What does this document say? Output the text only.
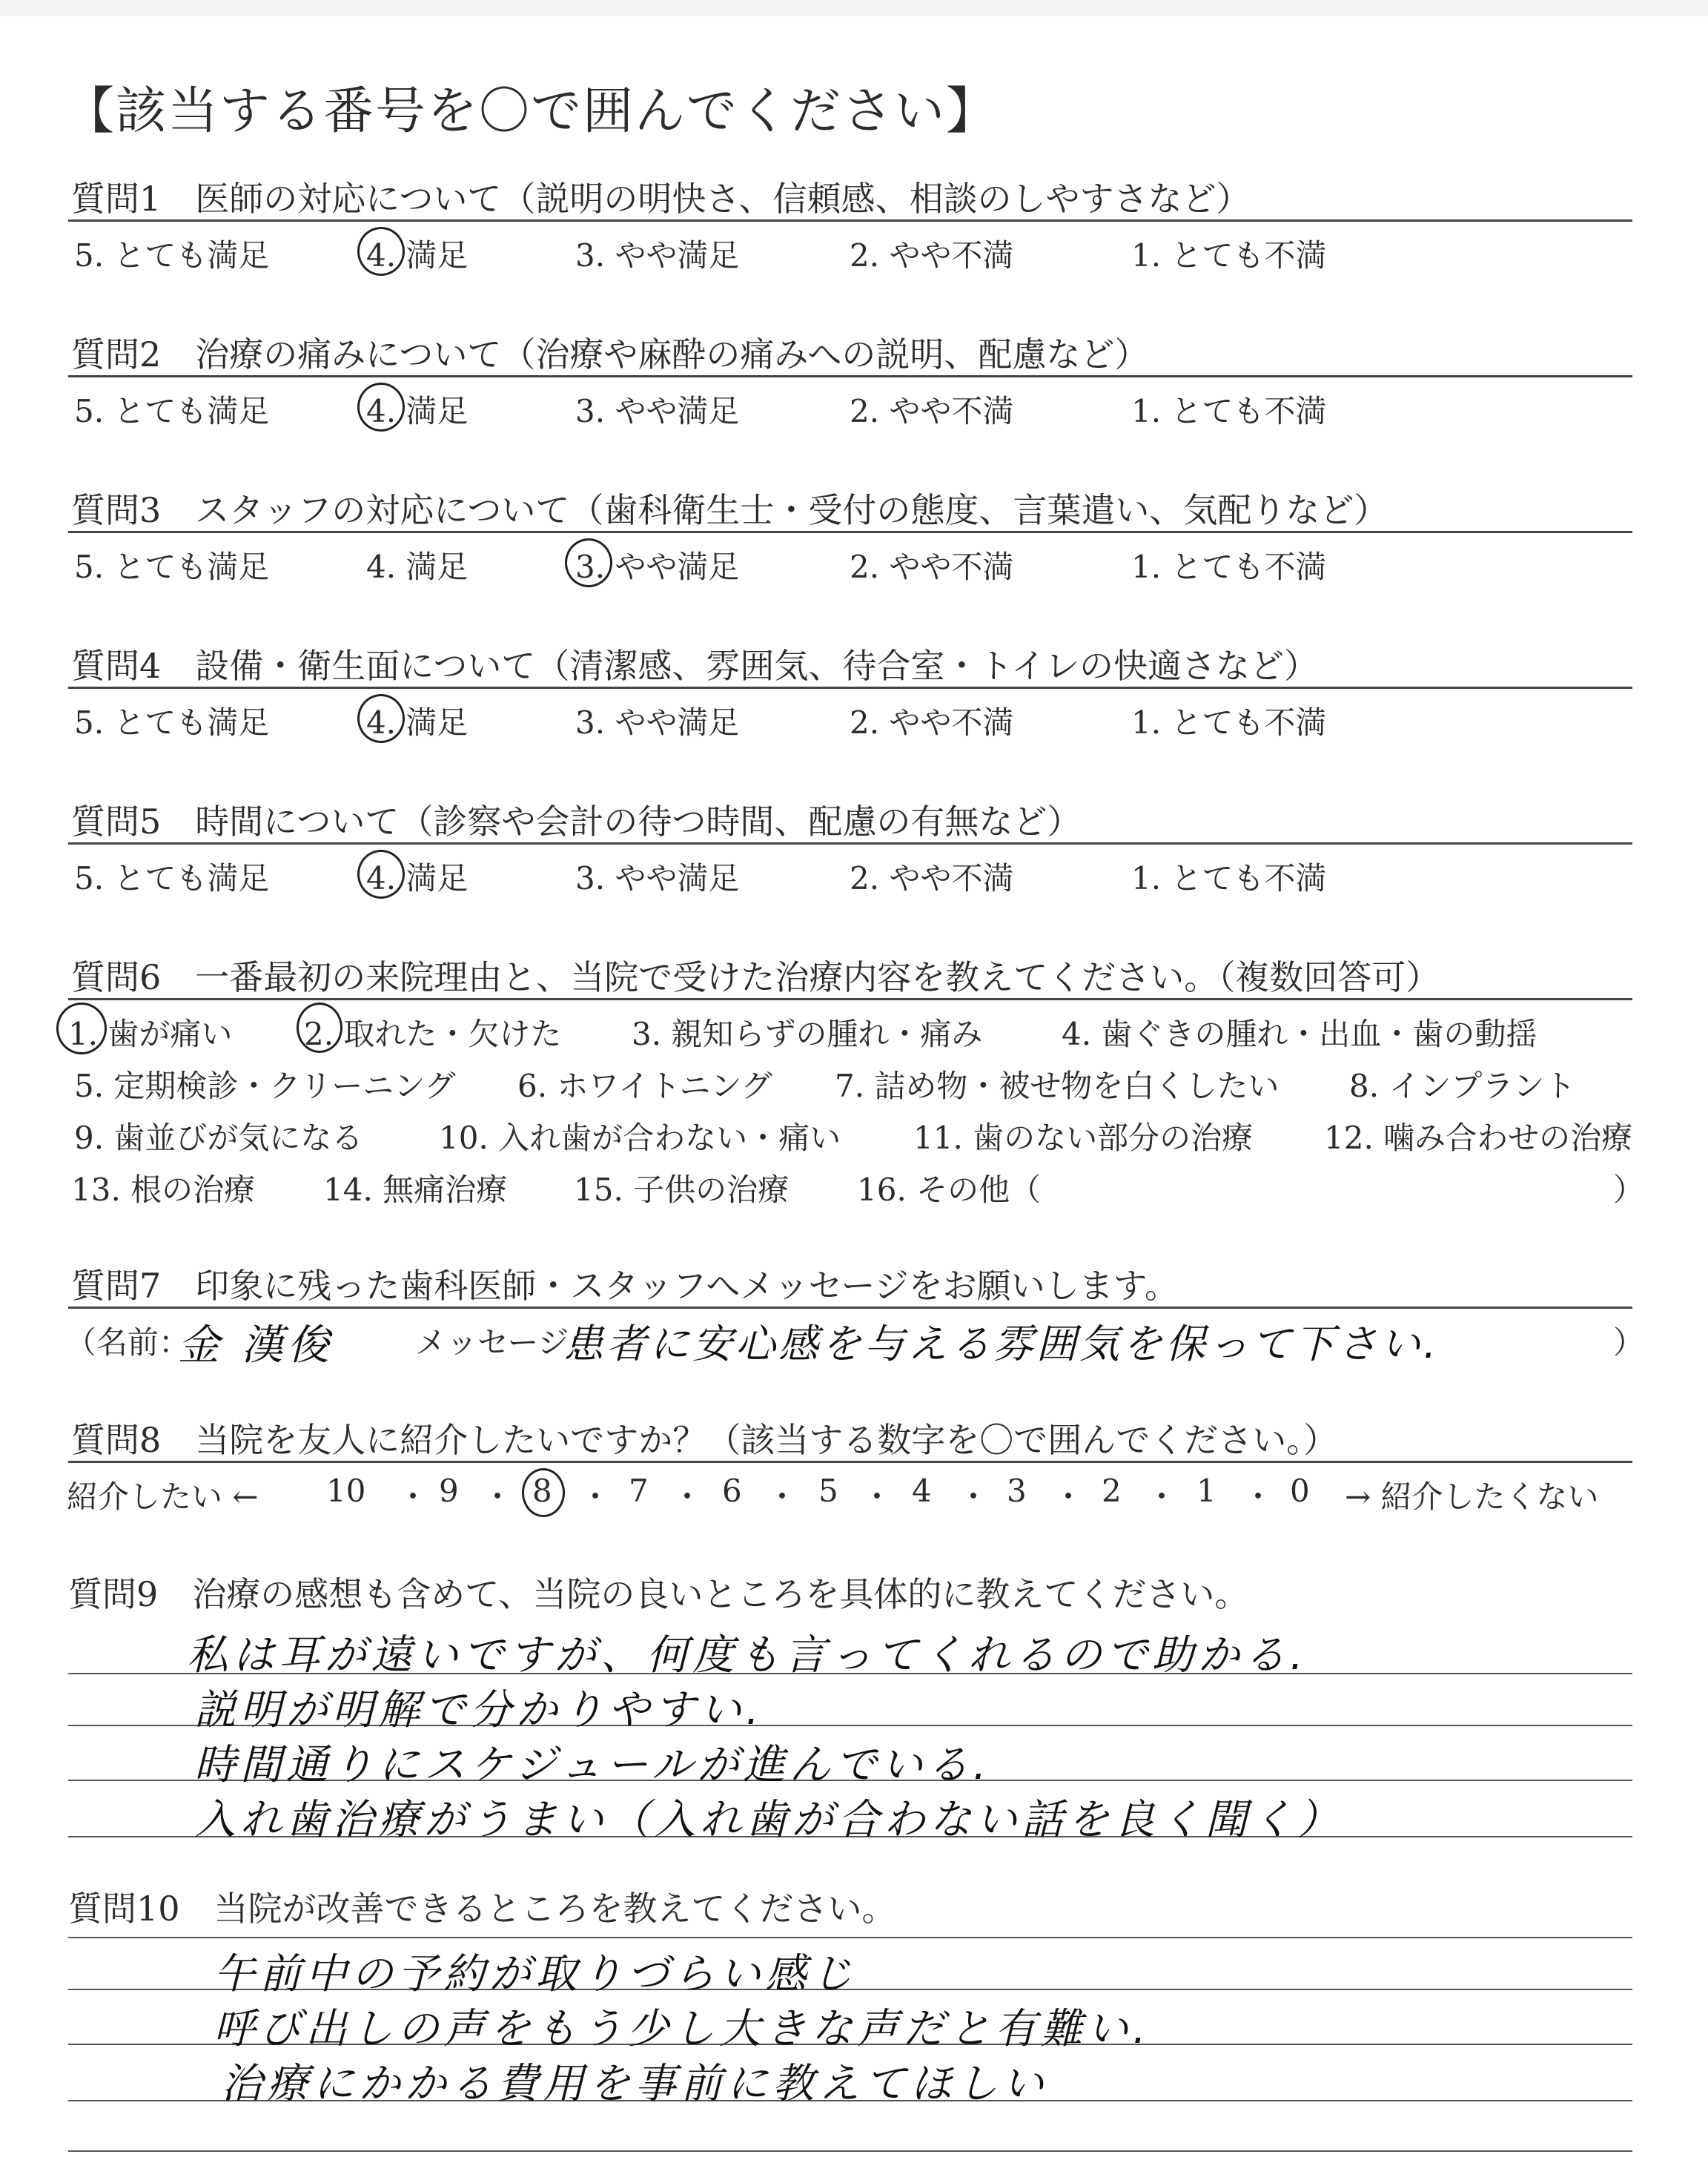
【該当する番号を〇で囲んでください】
質問1　医師の対応について（説明の明快さ、信頼感、相談のしやすさなど）
5. とても満足	4. 満足	3. やや満足	2. やや不満	1. とても不満
質問2　治療の痛みについて（治療や麻酔の痛みへの説明、配慮など）
5. とても満足	4. 満足	3. やや満足	2. やや不満	1. とても不満
質問3　スタッフの対応について（歯科衛生士・受付の態度、言葉遣い、気配りなど）
5. とても満足	4. 満足	3. やや満足	2. やや不満	1. とても不満
質問4　設備・衛生面について（清潔感、雰囲気、待合室・トイレの快適さなど）
5. とても満足	4. 満足	3. やや満足	2. やや不満	1. とても不満
質問5　時間について（診察や会計の待つ時間、配慮の有無など）
5. とても満足	4. 満足	3. やや満足	2. やや不満	1. とても不満
質問6　一番最初の来院理由と、当院で受けた治療内容を教えてください。（複数回答可）
1. 歯が痛い 2. 取れた・欠けた 3. 親知らずの腫れ・痛み	4. 歯ぐきの腫れ・出血・歯の動揺
5. 定期検診・クリーニング 6. ホワイトニング 7. 詰め物・被せ物を白くしたい 8. インプラント
9. 歯並びが気になる 10. 入れ歯が合わない・痛い 11. 歯のない部分の治療 12. 噛み合わせの治療
13. 根の治療 14. 無痛治療 15. 子供の治療 16. その他（	）
質問7　印象に残った歯科医師・スタッフへメッセージをお願いします。
（名前：
金 漢俊	メッセージ：
患者に安心感を与える雰囲気を保って下さい.	）
質問8　当院を友人に紹介したいですか？（該当する数字を〇で囲んでください。）
紹介したい ← 10 ・ 9 ・ 8 ・ 7 ・ 6 ・ 5 ・ 4 ・ 3 ・ 2 ・ 1 ・ 0 → 紹介したくない
質問9　治療の感想も含めて、当院の良いところを具体的に教えてください。
私は耳が遠いですが、何度も言ってくれるので助かる.
説明が明解で分かりやすい.
時間通りにスケジュールが進んでいる.
入れ歯治療がうまい（入れ歯が合わない話を良く聞く）
質問10　当院が改善できるところを教えてください。
午前中の予約が取りづらい感じ
呼び出しの声をもう少し大きな声だと有難い.
治療にかかる費用を事前に教えてほしい
